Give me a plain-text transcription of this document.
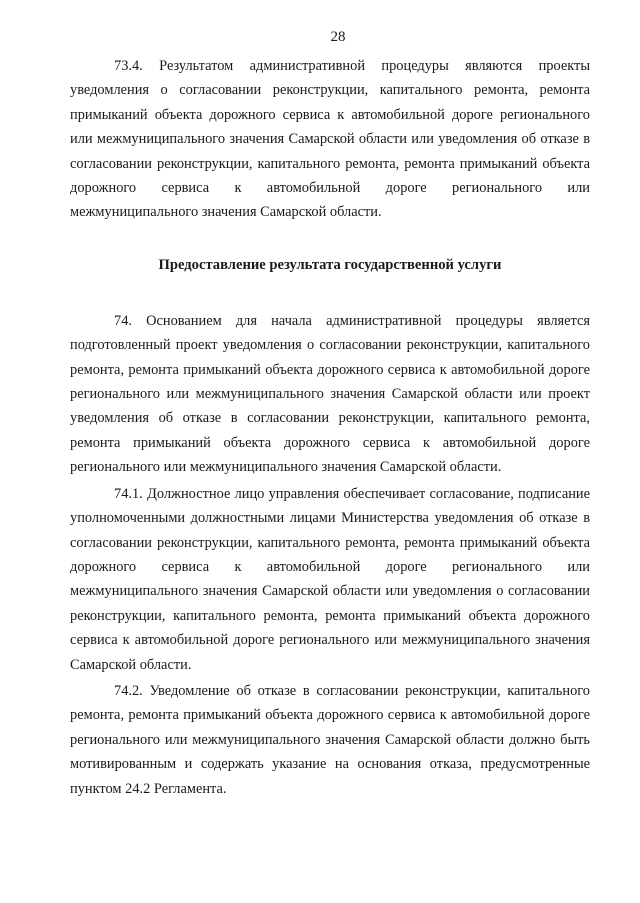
28

73.4. Результатом административной процедуры являются проекты уведомления о согласовании реконструкции, капитального ремонта, ремонта примыканий объекта дорожного сервиса к автомобильной дороге регионального или межмуниципального значения Самарской области или уведомления об отказе в согласовании реконструкции, капитального ремонта, ремонта примыканий объекта дорожного сервиса к автомобильной дороге регионального или межмуниципального значения Самарской области.

Предоставление результата государственной услуги

74. Основанием для начала административной процедуры является подготовленный проект уведомления о согласовании реконструкции, капитального ремонта, ремонта примыканий объекта дорожного сервиса к автомобильной дороге регионального или межмуниципального значения Самарской области или проект уведомления об отказе в согласовании реконструкции, капитального ремонта, ремонта примыканий объекта дорожного сервиса к автомобильной дороге регионального или межмуниципального значения Самарской области.

74.1. Должностное лицо управления обеспечивает согласование, подписание уполномоченными должностными лицами Министерства уведомления об отказе в согласовании реконструкции, капитального ремонта, ремонта примыканий объекта дорожного сервиса к автомобильной дороге регионального или межмуниципального значения Самарской области или уведомления о согласовании реконструкции, капитального ремонта, ремонта примыканий объекта дорожного сервиса к автомобильной дороге регионального или межмуниципального значения Самарской области.

74.2. Уведомление об отказе в согласовании реконструкции, капитального ремонта, ремонта примыканий объекта дорожного сервиса к автомобильной дороге регионального или межмуниципального значения Самарской области должно быть мотивированным и содержать указание на основания отказа, предусмотренные пунктом 24.2 Регламента.
